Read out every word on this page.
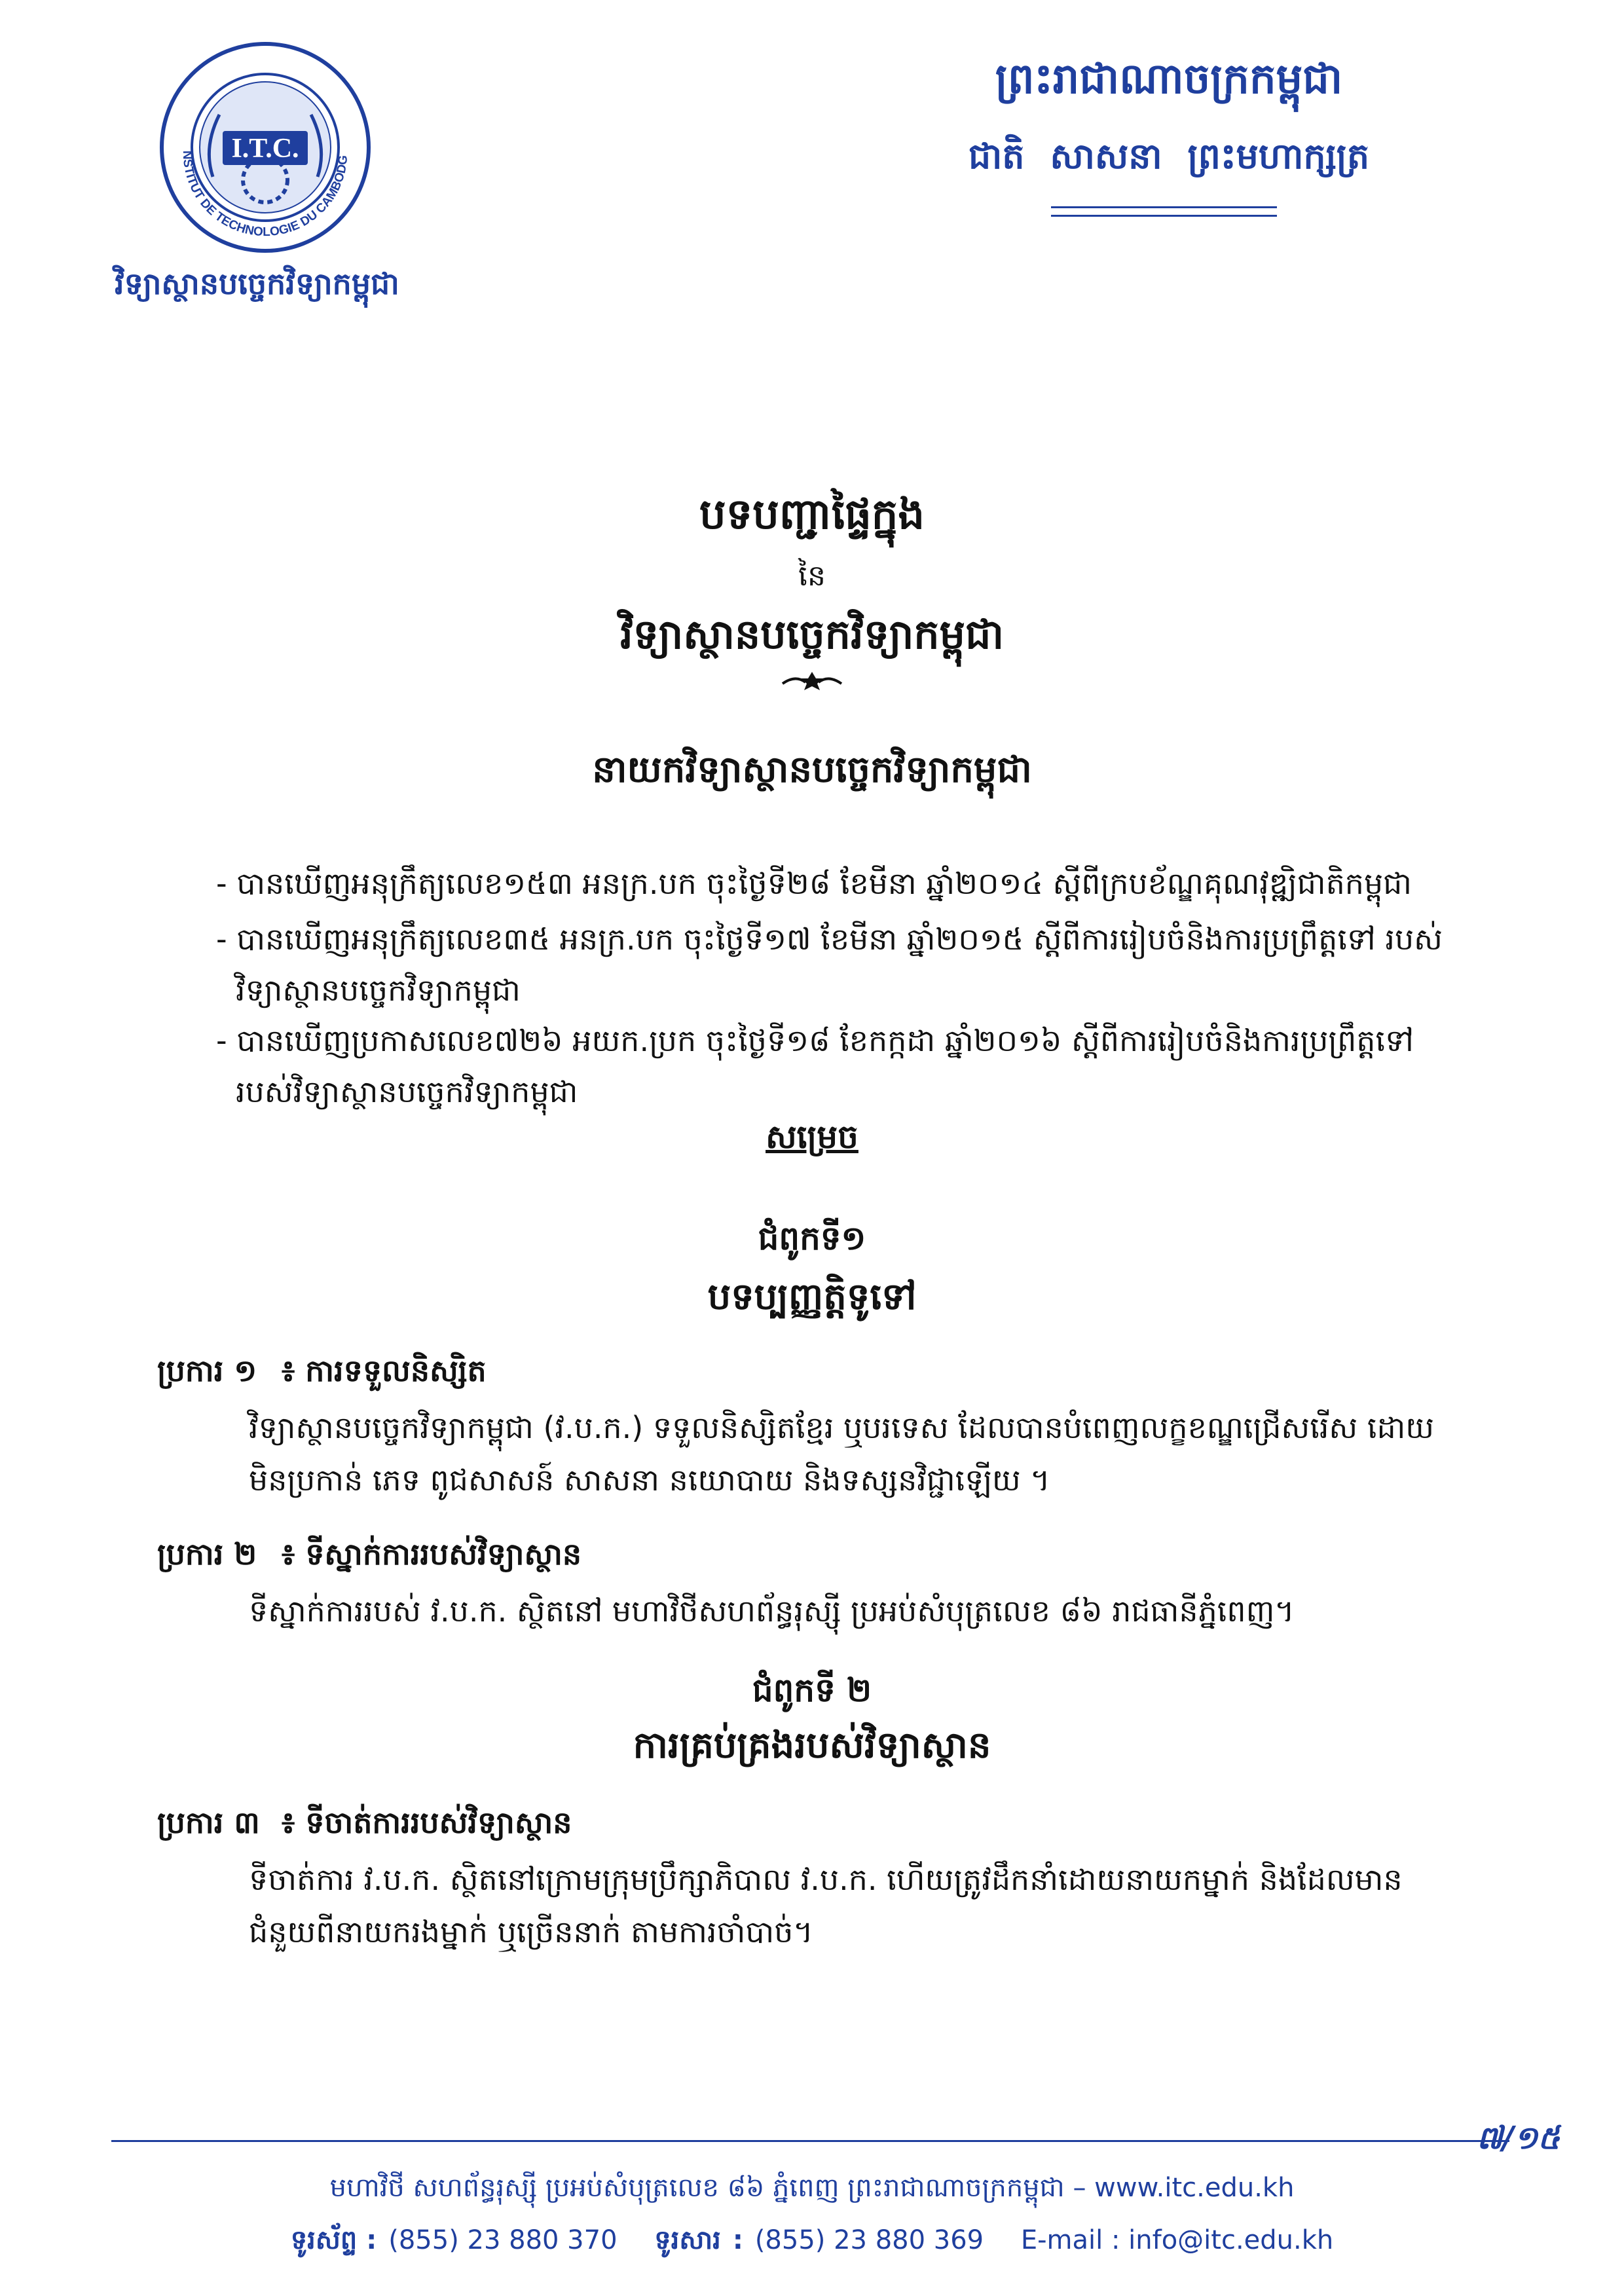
I.T.C.
NSTITUT DE TECHNOLOGIE DU CAMBODG
វិទ្យាស្ថានបច្ចេកវិទ្យាកម្ពុជា
ព្រះរាជាណាចក្រកម្ពុជា
ជាតិ សាសនា ព្រះមហាក្សត្រ
បទបញ្ជាផ្ទៃក្នុង
នៃ
វិទ្យាស្ថានបច្ចេកវិទ្យាកម្ពុជា
នាយកវិទ្យាស្ថានបច្ចេកវិទ្យាកម្ពុជា
- បានឃើញអនុក្រឹត្យលេខ១៥៣ អនក្រ.បក ចុះថ្ងៃទី២៨ ខែមីនា ឆ្នាំ២០១៤ ស្ដីពីក្របខ័ណ្ឌគុណវុឌ្ឍិជាតិកម្ពុជា
- បានឃើញអនុក្រឹត្យលេខ៣៥ អនក្រ.បក ចុះថ្ងៃទី១៧ ខែមីនា ឆ្នាំ២០១៥ ស្ដីពីការរៀបចំនិងការប្រព្រឹត្តទៅ របស់
វិទ្យាស្ថានបច្ចេកវិទ្យាកម្ពុជា
- បានឃើញប្រកាសលេខ៧២៦ អយក.ប្រក ចុះថ្ងៃទី១៨ ខែកក្កដា ឆ្នាំ២០១៦ ស្ដីពីការរៀបចំនិងការប្រព្រឹត្តទៅ
របស់វិទ្យាស្ថានបច្ចេកវិទ្យាកម្ពុជា
សម្រេច
ជំពូកទី១
បទប្បញ្ញត្តិទូទៅ
ប្រការ ១ ៖ ការទទួលនិស្សិត
វិទ្យាស្ថានបច្ចេកវិទ្យាកម្ពុជា (វ.ប.ក.) ទទួលនិស្សិតខ្មែរ ឬបរទេស ដែលបានបំពេញលក្ខខណ្ឌជ្រើសរើស ដោយមិនប្រកាន់ ភេទ ពូជសាសន៍ សាសនា នយោបាយ និងទស្សនវិជ្ជាឡើយ ។
ប្រការ ២ ៖ ទីស្នាក់ការរបស់វិទ្យាស្ថាន
ទីស្នាក់ការរបស់ វ.ប.ក. ស្ថិតនៅ មហាវិថីសហព័ន្ធរុស្ស៊ី ប្រអប់សំបុត្រលេខ ៨៦ រាជធានីភ្នំពេញ។
ជំពូកទី ២
ការគ្រប់គ្រងរបស់វិទ្យាស្ថាន
ប្រការ ៣ ៖ ទីចាត់ការរបស់វិទ្យាស្ថាន
ទីចាត់ការ វ.ប.ក. ស្ថិតនៅក្រោមក្រុមប្រឹក្សាភិបាល វ.ប.ក. ហើយត្រូវដឹកនាំដោយនាយកម្នាក់ និងដែលមានជំនួយពីនាយករងម្នាក់ ឬច្រើននាក់ តាមការចាំបាច់។
៧/១៥
មហាវិថី សហព័ន្ធរុស្ស៊ី ប្រអប់សំបុត្រលេខ ៨៦ ភ្នំពេញ ព្រះរាជាណាចក្រកម្ពុជា – www.itc.edu.kh
ទូរស័ព្ទ : (855) 23 880 370 ទូរសារ : (855) 23 880 369 E-mail : info@itc.edu.kh
